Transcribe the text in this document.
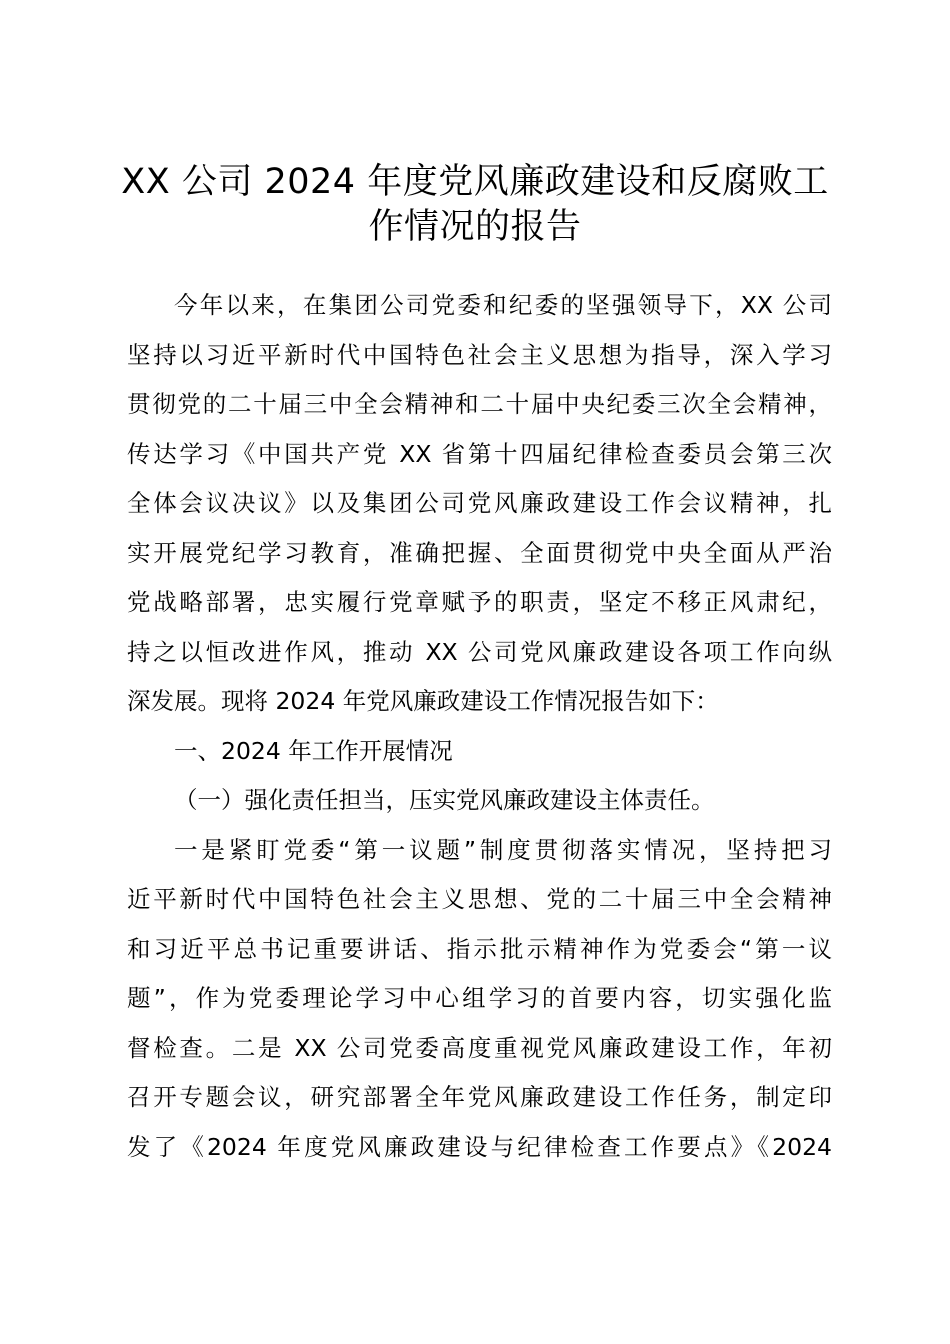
XX 公司 2024 年度党风廉政建设和反腐败工
作情况的报告
今年以来，在集团公司党委和纪委的坚强领导下，XX 公司
坚持以习近平新时代中国特色社会主义思想为指导，深入学习
贯彻党的二十届三中全会精神和二十届中央纪委三次全会精神，
传达学习《中国共产党 XX 省第十四届纪律检查委员会第三次
全体会议决议》以及集团公司党风廉政建设工作会议精神，扎
实开展党纪学习教育，准确把握、全面贯彻党中央全面从严治
党战略部署，忠实履行党章赋予的职责，坚定不移正风肃纪，
持之以恒改进作风，推动 XX 公司党风廉政建设各项工作向纵
深发展。现将 2024 年党风廉政建设工作情况报告如下：
一、2024 年工作开展情况
（一）强化责任担当，压实党风廉政建设主体责任。
一是紧盯党委“第一议题”制度贯彻落实情况，坚持把习
近平新时代中国特色社会主义思想、党的二十届三中全会精神
和习近平总书记重要讲话、指示批示精神作为党委会“第一议
题”，作为党委理论学习中心组学习的首要内容，切实强化监
督检查。二是 XX 公司党委高度重视党风廉政建设工作，年初
召开专题会议，研究部署全年党风廉政建设工作任务，制定印
发了《2024 年度党风廉政建设与纪律检查工作要点》《2024
